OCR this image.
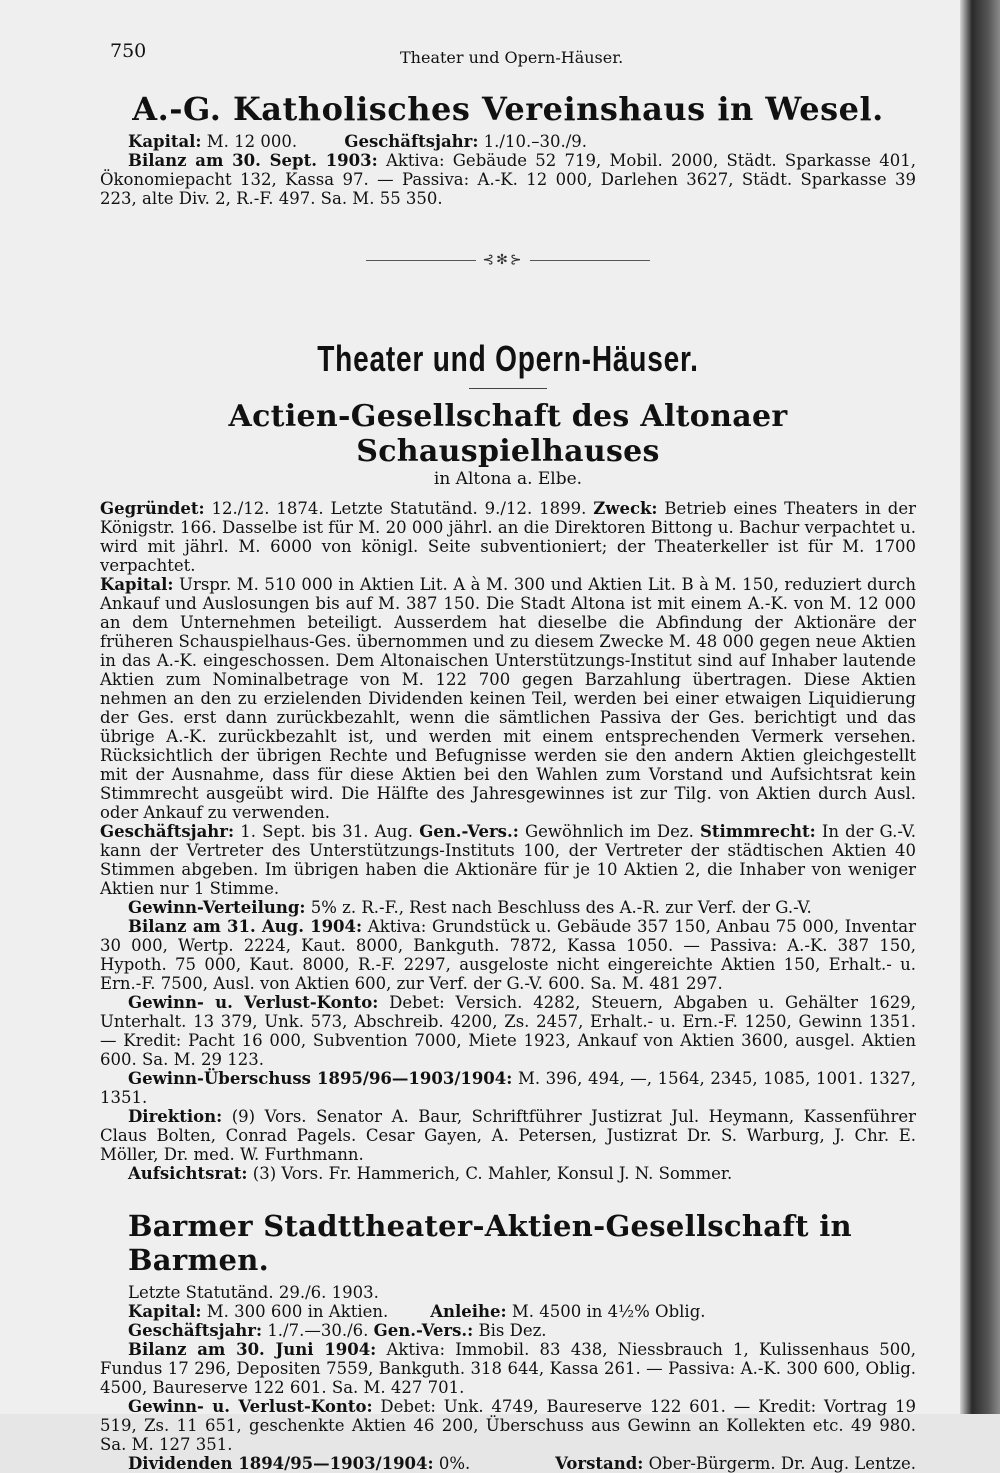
750	Theater und Opern-Häuser.
A.-G. Katholisches Vereinshaus in Wesel.

Kapital: M. 12 000.	Geschäftsjahr: 1./10.–30./9.

Bilanz am 30. Sept. 1903: Aktiva: Gebäude 52 719, Mobil. 2000, Städt. Sparkasse 401, Ökonomiepacht 132, Kassa 97. — Passiva: A.-K. 12 000, Darlehen 3627, Städt. Sparkasse 39 223, alte Div. 2, R.-F. 497. Sa. M. 55 350.

⊰✻⊱
Theater und Opern-Häuser.
Actien-Gesellschaft des Altonaer Schauspielhauses
in Altona a. Elbe.

Gegründet: 12./12. 1874. Letzte Statutänd. 9./12. 1899. Zweck: Betrieb eines Theaters in der Königstr. 166. Dasselbe ist für M. 20 000 jährl. an die Direktoren Bittong u. Bachur verpachtet u. wird mit jährl. M. 6000 von königl. Seite subventioniert; der Theaterkeller ist für M. 1700 verpachtet.

Kapital: Urspr. M. 510 000 in Aktien Lit. A à M. 300 und Aktien Lit. B à M. 150, reduziert durch Ankauf und Auslosungen bis auf M. 387 150. Die Stadt Altona ist mit einem A.-K. von M. 12 000 an dem Unternehmen beteiligt. Ausserdem hat dieselbe die Abfindung der Aktionäre der früheren Schauspielhaus-Ges. übernommen und zu diesem Zwecke M. 48 000 gegen neue Aktien in das A.-K. eingeschossen. Dem Altonaischen Unterstützungs-Institut sind auf Inhaber lautende Aktien zum Nominalbetrage von M. 122 700 gegen Barzahlung übertragen. Diese Aktien nehmen an den zu erzielenden Dividenden keinen Teil, werden bei einer etwaigen Liquidierung der Ges. erst dann zurückbezahlt, wenn die sämtlichen Passiva der Ges. berichtigt und das übrige A.-K. zurückbezahlt ist, und werden mit einem entsprechenden Vermerk versehen. Rücksichtlich der übrigen Rechte und Befugnisse werden sie den andern Aktien gleichgestellt mit der Ausnahme, dass für diese Aktien bei den Wahlen zum Vorstand und Aufsichtsrat kein Stimmrecht ausgeübt wird. Die Hälfte des Jahresgewinnes ist zur Tilg. von Aktien durch Ausl. oder Ankauf zu verwenden.

Geschäftsjahr: 1. Sept. bis 31. Aug. Gen.-Vers.: Gewöhnlich im Dez. Stimmrecht: In der G.-V. kann der Vertreter des Unterstützungs-Instituts 100, der Vertreter der städtischen Aktien 40 Stimmen abgeben. Im übrigen haben die Aktionäre für je 10 Aktien 2, die Inhaber von weniger Aktien nur 1 Stimme.

Gewinn-Verteilung: 5% z. R.-F., Rest nach Beschluss des A.-R. zur Verf. der G.-V.

Bilanz am 31. Aug. 1904: Aktiva: Grundstück u. Gebäude 357 150, Anbau 75 000, Inventar 30 000, Wertp. 2224, Kaut. 8000, Bankguth. 7872, Kassa 1050. — Passiva: A.-K. 387 150, Hypoth. 75 000, Kaut. 8000, R.-F. 2297, ausgeloste nicht eingereichte Aktien 150, Erhalt.- u. Ern.-F. 7500, Ausl. von Aktien 600, zur Verf. der G.-V. 600. Sa. M. 481 297.

Gewinn- u. Verlust-Konto: Debet: Versich. 4282, Steuern, Abgaben u. Gehälter 1629, Unterhalt. 13 379, Unk. 573, Abschreib. 4200, Zs. 2457, Erhalt.- u. Ern.-F. 1250, Gewinn 1351. — Kredit: Pacht 16 000, Subvention 7000, Miete 1923, Ankauf von Aktien 3600, ausgel. Aktien 600. Sa. M. 29 123.

Gewinn-Überschuss 1895/96—1903/1904: M. 396, 494, —, 1564, 2345, 1085, 1001. 1327, 1351.

Direktion: (9) Vors. Senator A. Baur, Schriftführer Justizrat Jul. Heymann, Kassenführer Claus Bolten, Conrad Pagels. Cesar Gayen, A. Petersen, Justizrat Dr. S. Warburg, J. Chr. E. Möller, Dr. med. W. Furthmann.

Aufsichtsrat: (3) Vors. Fr. Hammerich, C. Mahler, Konsul J. N. Sommer.

Barmer Stadttheater-Aktien-Gesellschaft in Barmen.

Letzte Statutänd. 29./6. 1903.

Kapital: M. 300 600 in Aktien.	Anleihe: M. 4500 in 4½% Oblig.

Geschäftsjahr: 1./7.—30./6. Gen.-Vers.: Bis Dez.

Bilanz am 30. Juni 1904: Aktiva: Immobil. 83 438, Niessbrauch 1, Kulissenhaus 500, Fundus 17 296, Depositen 7559, Bankguth. 318 644, Kassa 261. — Passiva: A.-K. 300 600, Oblig. 4500, Baureserve 122 601. Sa. M. 427 701.

Gewinn- u. Verlust-Konto: Debet: Unk. 4749, Baureserve 122 601. — Kredit: Vortrag 19 519, Zs. 11 651, geschenkte Aktien 46 200, Überschuss aus Gewinn an Kollekten etc. 49 980. Sa. M. 127 351.

Dividenden 1894/95—1903/1904: 0%.	Vorstand: Ober-Bürgerm. Dr. Aug. Lentze.
